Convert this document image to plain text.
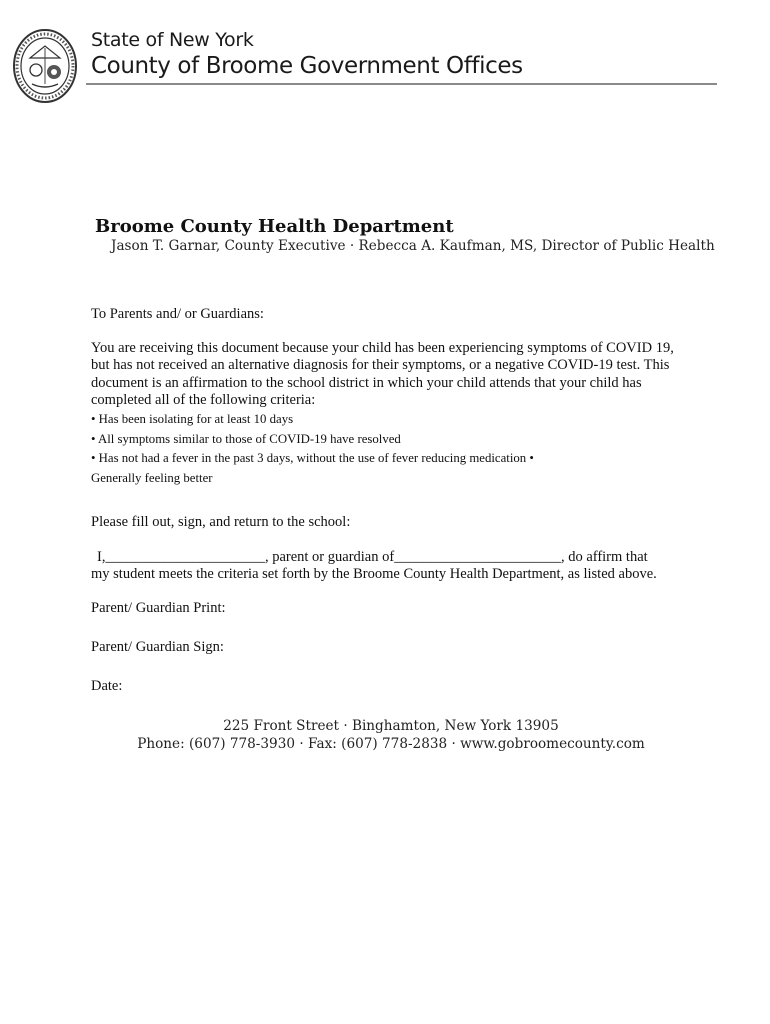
State of New York
County of Broome Government Offices
Broome County Health Department
Jason T. Garnar, County Executive · Rebecca A. Kaufman, MS, Director of Public Health
To Parents and/ or Guardians:
You are receiving this document because your child has been experiencing symptoms of COVID 19, but has not received an alternative diagnosis for their symptoms, or a negative COVID-19 test. This document is an affirmation to the school district in which your child attends that your child has completed all of the following criteria:
• Has been isolating for at least 10 days
• All symptoms similar to those of COVID-19 have resolved
• Has not had a fever in the past 3 days, without the use of fever reducing medication •
Generally feeling better
Please fill out, sign, and return to the school:
I,______________________, parent or guardian of_______________________, do affirm that
my student meets the criteria set forth by the Broome County Health Department, as listed above.
Parent/ Guardian Print:
Parent/ Guardian Sign:
Date:
225 Front Street · Binghamton, New York 13905
Phone: (607) 778-3930 · Fax: (607) 778-2838 · www.gobroomecounty.com
